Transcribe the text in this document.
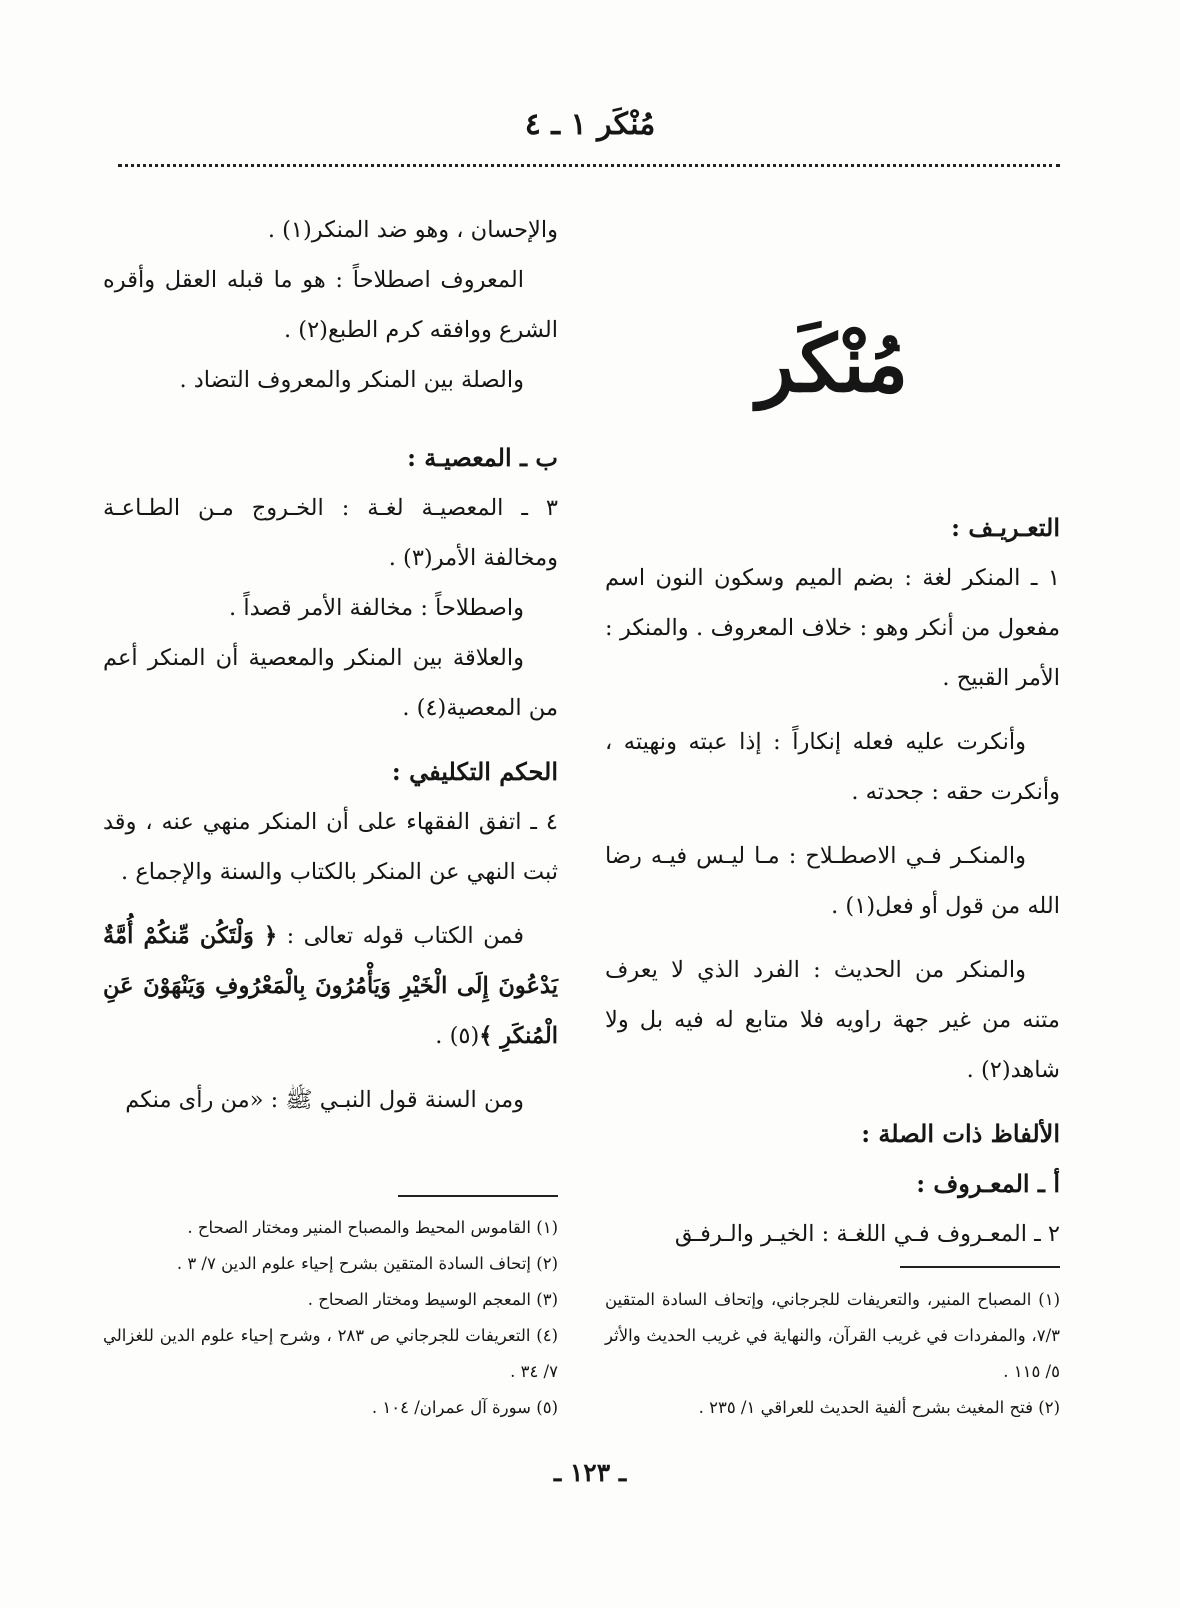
مُنْكَر ١ ـ ٤
مُنْكَر
التعـريـف :

١ ـ المنكر لغة : بضم الميم وسكون النون اسم مفعول من أنكر وهو : خلاف المعروف . والمنكر : الأمر القبيح .

وأنكرت عليه فعله إنكاراً : إذا عبته ونهيته ، وأنكرت حقه : جحدته .

والمنكـر فـي الاصطـلاح : مـا ليـس فيـه رضا الله من قول أو فعل(١) .

والمنكر من الحديث : الفرد الذي لا يعرف متنه من غير جهة راويه فلا متابع له فيه بل ولا شاهد(٢) .

الألفاظ ذات الصلة :
أ ـ المعـروف :

٢ ـ المعـروف فـي اللغـة : الخيـر والـرفـق

والإحسان ، وهو ضد المنكر(١) .

المعروف اصطلاحاً : هو ما قبله العقل وأقره الشرع ووافقه كرم الطبع(٢) .

والصلة بين المنكر والمعروف التضاد .

ب ـ المعصيـة :

٣ ـ المعصيـة لغـة : الخـروج مـن الطـاعـة ومخالفة الأمر(٣) .

واصطلاحاً : مخالفة الأمر قصداً .

والعلاقة بين المنكر والمعصية أن المنكر أعم من المعصية(٤) .

الحكم التكليفي :

٤ ـ اتفق الفقهاء على أن المنكر منهي عنه ، وقد ثبت النهي عن المنكر بالكتاب والسنة والإجماع .

فمن الكتاب قوله تعالى : ﴿ وَلْتَكُن مِّنكُمْ أُمَّةٌ يَدْعُونَ إِلَى الْخَيْرِ وَيَأْمُرُونَ بِالْمَعْرُوفِ وَيَنْهَوْنَ عَنِ الْمُنكَرِ ﴾(٥) .

ومن السنة قول النبـي ﷺ : «من رأى منكم

(١) المصباح المنير، والتعريفات للجرجاني، وإتحاف السادة المتقين ٧/٣، والمفردات في غريب القرآن، والنهاية في غريب الحديث والأثر ٥/ ١١٥ .

(٢) فتح المغيث بشرح ألفية الحديث للعراقي ١/ ٢٣٥ .

(١) القاموس المحيط والمصباح المنير ومختار الصحاح .

(٢) إتحاف السادة المتقين بشرح إحياء علوم الدين ٧/ ٣ .

(٣) المعجم الوسيط ومختار الصحاح .

(٤) التعريفات للجرجاني ص ٢٨٣ ، وشرح إحياء علوم الدين للغزالي ٧/ ٣٤ .

(٥) سورة آل عمران/ ١٠٤ .

ـ ١٢٣ ـ
